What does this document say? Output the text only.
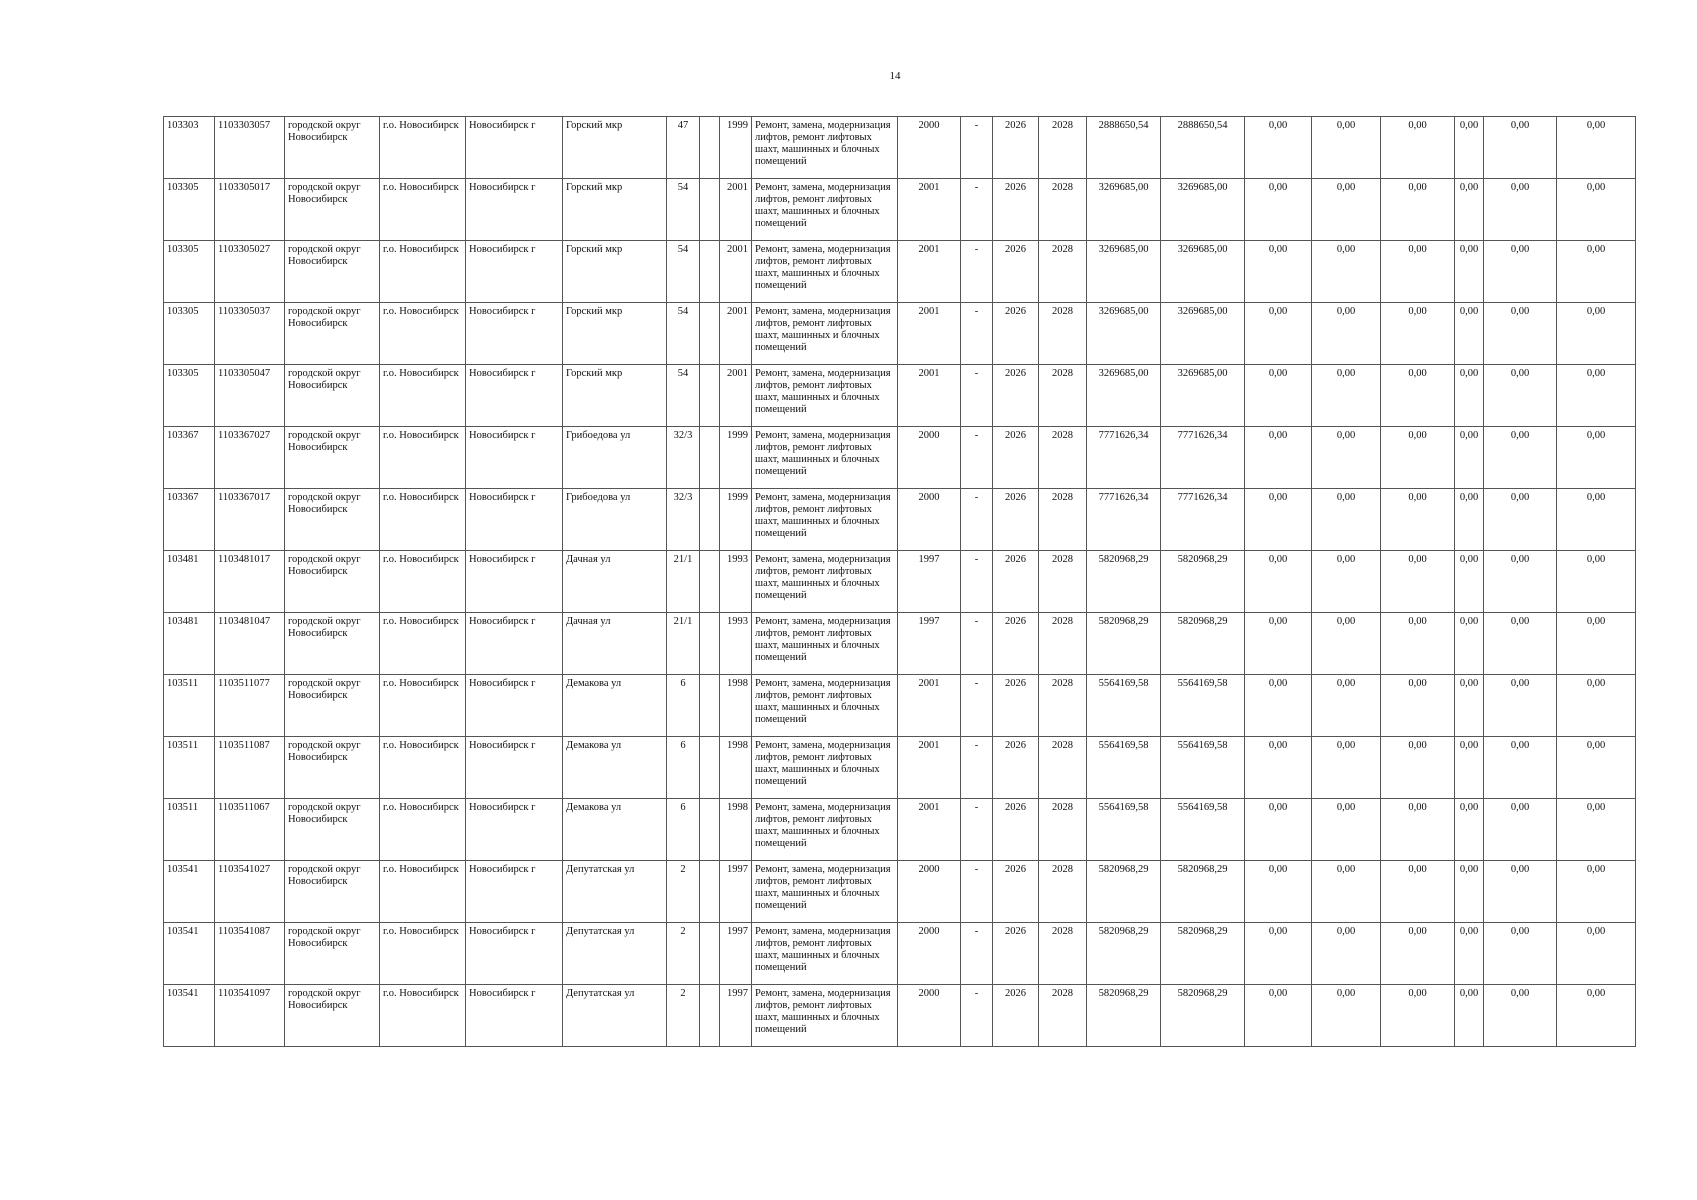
14
103303	1103303057	городской округ Новосибирск	г.о. Новосибирск	Новосибирск г	Горский мкр	47		1999	Ремонт, замена, модернизация лифтов, ремонт лифтовых шахт, машинных и блочных помещений	2000	-	2026	2028	2888650,54	2888650,54	0,00	0,00	0,00	0,00	0,00	0,00
103305	1103305017	городской округ Новосибирск	г.о. Новосибирск	Новосибирск г	Горский мкр	54		2001	Ремонт, замена, модернизация лифтов, ремонт лифтовых шахт, машинных и блочных помещений	2001	-	2026	2028	3269685,00	3269685,00	0,00	0,00	0,00	0,00	0,00	0,00
103305	1103305027	городской округ Новосибирск	г.о. Новосибирск	Новосибирск г	Горский мкр	54		2001	Ремонт, замена, модернизация лифтов, ремонт лифтовых шахт, машинных и блочных помещений	2001	-	2026	2028	3269685,00	3269685,00	0,00	0,00	0,00	0,00	0,00	0,00
103305	1103305037	городской округ Новосибирск	г.о. Новосибирск	Новосибирск г	Горский мкр	54		2001	Ремонт, замена, модернизация лифтов, ремонт лифтовых шахт, машинных и блочных помещений	2001	-	2026	2028	3269685,00	3269685,00	0,00	0,00	0,00	0,00	0,00	0,00
103305	1103305047	городской округ Новосибирск	г.о. Новосибирск	Новосибирск г	Горский мкр	54		2001	Ремонт, замена, модернизация лифтов, ремонт лифтовых шахт, машинных и блочных помещений	2001	-	2026	2028	3269685,00	3269685,00	0,00	0,00	0,00	0,00	0,00	0,00
103367	1103367027	городской округ Новосибирск	г.о. Новосибирск	Новосибирск г	Грибоедова ул	32/3		1999	Ремонт, замена, модернизация лифтов, ремонт лифтовых шахт, машинных и блочных помещений	2000	-	2026	2028	7771626,34	7771626,34	0,00	0,00	0,00	0,00	0,00	0,00
103367	1103367017	городской округ Новосибирск	г.о. Новосибирск	Новосибирск г	Грибоедова ул	32/3		1999	Ремонт, замена, модернизация лифтов, ремонт лифтовых шахт, машинных и блочных помещений	2000	-	2026	2028	7771626,34	7771626,34	0,00	0,00	0,00	0,00	0,00	0,00
103481	1103481017	городской округ Новосибирск	г.о. Новосибирск	Новосибирск г	Дачная ул	21/1		1993	Ремонт, замена, модернизация лифтов, ремонт лифтовых шахт, машинных и блочных помещений	1997	-	2026	2028	5820968,29	5820968,29	0,00	0,00	0,00	0,00	0,00	0,00
103481	1103481047	городской округ Новосибирск	г.о. Новосибирск	Новосибирск г	Дачная ул	21/1		1993	Ремонт, замена, модернизация лифтов, ремонт лифтовых шахт, машинных и блочных помещений	1997	-	2026	2028	5820968,29	5820968,29	0,00	0,00	0,00	0,00	0,00	0,00
103511	1103511077	городской округ Новосибирск	г.о. Новосибирск	Новосибирск г	Демакова ул	6		1998	Ремонт, замена, модернизация лифтов, ремонт лифтовых шахт, машинных и блочных помещений	2001	-	2026	2028	5564169,58	5564169,58	0,00	0,00	0,00	0,00	0,00	0,00
103511	1103511087	городской округ Новосибирск	г.о. Новосибирск	Новосибирск г	Демакова ул	6		1998	Ремонт, замена, модернизация лифтов, ремонт лифтовых шахт, машинных и блочных помещений	2001	-	2026	2028	5564169,58	5564169,58	0,00	0,00	0,00	0,00	0,00	0,00
103511	1103511067	городской округ Новосибирск	г.о. Новосибирск	Новосибирск г	Демакова ул	6		1998	Ремонт, замена, модернизация лифтов, ремонт лифтовых шахт, машинных и блочных помещений	2001	-	2026	2028	5564169,58	5564169,58	0,00	0,00	0,00	0,00	0,00	0,00
103541	1103541027	городской округ Новосибирск	г.о. Новосибирск	Новосибирск г	Депутатская ул	2		1997	Ремонт, замена, модернизация лифтов, ремонт лифтовых шахт, машинных и блочных помещений	2000	-	2026	2028	5820968,29	5820968,29	0,00	0,00	0,00	0,00	0,00	0,00
103541	1103541087	городской округ Новосибирск	г.о. Новосибирск	Новосибирск г	Депутатская ул	2		1997	Ремонт, замена, модернизация лифтов, ремонт лифтовых шахт, машинных и блочных помещений	2000	-	2026	2028	5820968,29	5820968,29	0,00	0,00	0,00	0,00	0,00	0,00
103541	1103541097	городской округ Новосибирск	г.о. Новосибирск	Новосибирск г	Депутатская ул	2		1997	Ремонт, замена, модернизация лифтов, ремонт лифтовых шахт, машинных и блочных помещений	2000	-	2026	2028	5820968,29	5820968,29	0,00	0,00	0,00	0,00	0,00	0,00
